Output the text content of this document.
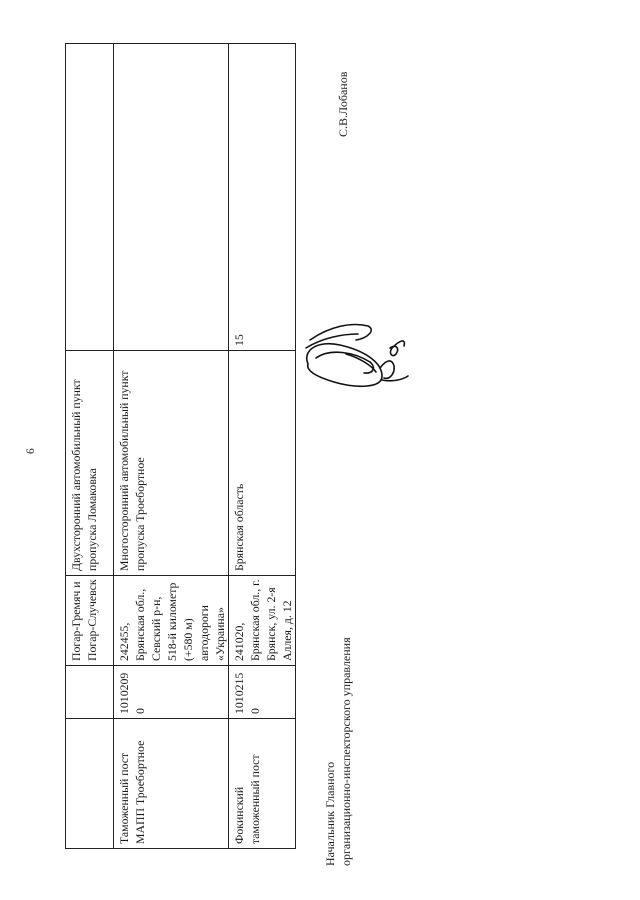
6
		Погар-Гремяч и Погар-Случевск	Двухсторонний автомобильный пункт пропуска Ломаковка	
Таможенный пост МАПП Троебортное	10102090	242455, Брянская обл., Севский р-н, 518-й километр (+580 м) автодороги «Украина»	Многосторонний автомобильный пункт пропуска Троебортное	
Фокинский таможенный пост	10102150	241020, Брянская обл., г. Брянск, ул. 2-я Аллея, д. 12	Брянская область	15
Начальник Главного организационно-инспекторского управления
С.В.Лобанов
